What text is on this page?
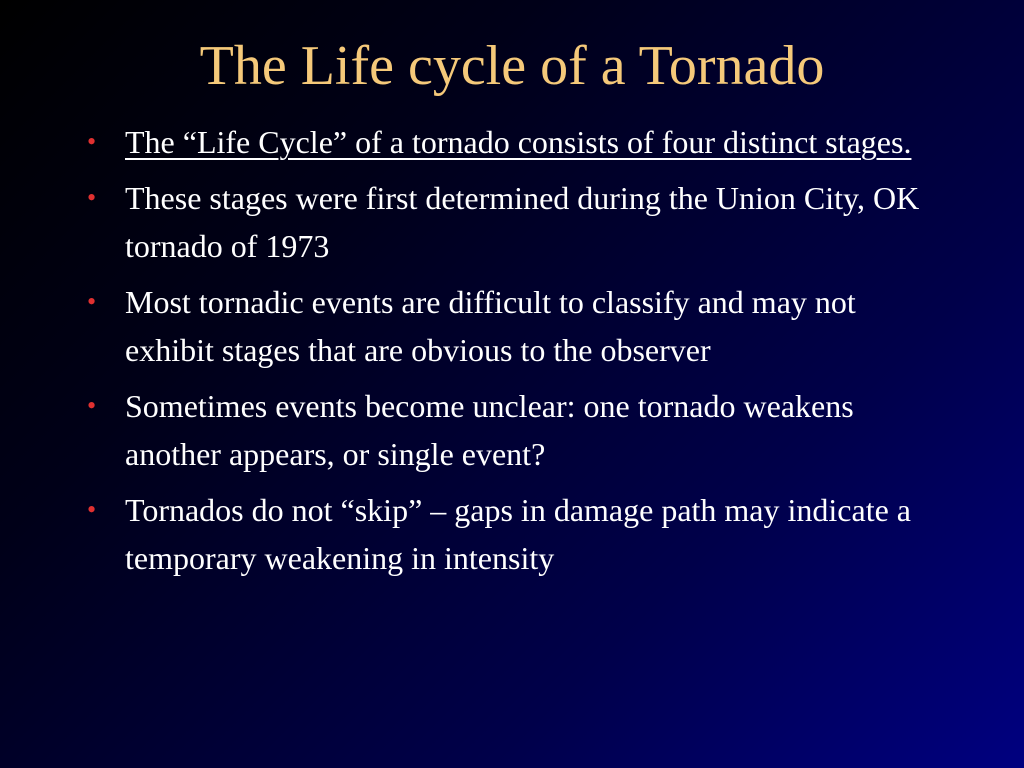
The Life cycle of a Tornado
• The “Life Cycle” of a tornado consists of four distinct stages.
• These stages were first determined during the Union City, OK tornado of 1973
• Most tornadic events are difficult to classify and may not exhibit stages that are obvious to the observer
• Sometimes events become unclear: one tornado weakens another appears, or single event?
• Tornados do not “skip” – gaps in damage path may indicate a temporary weakening in intensity
